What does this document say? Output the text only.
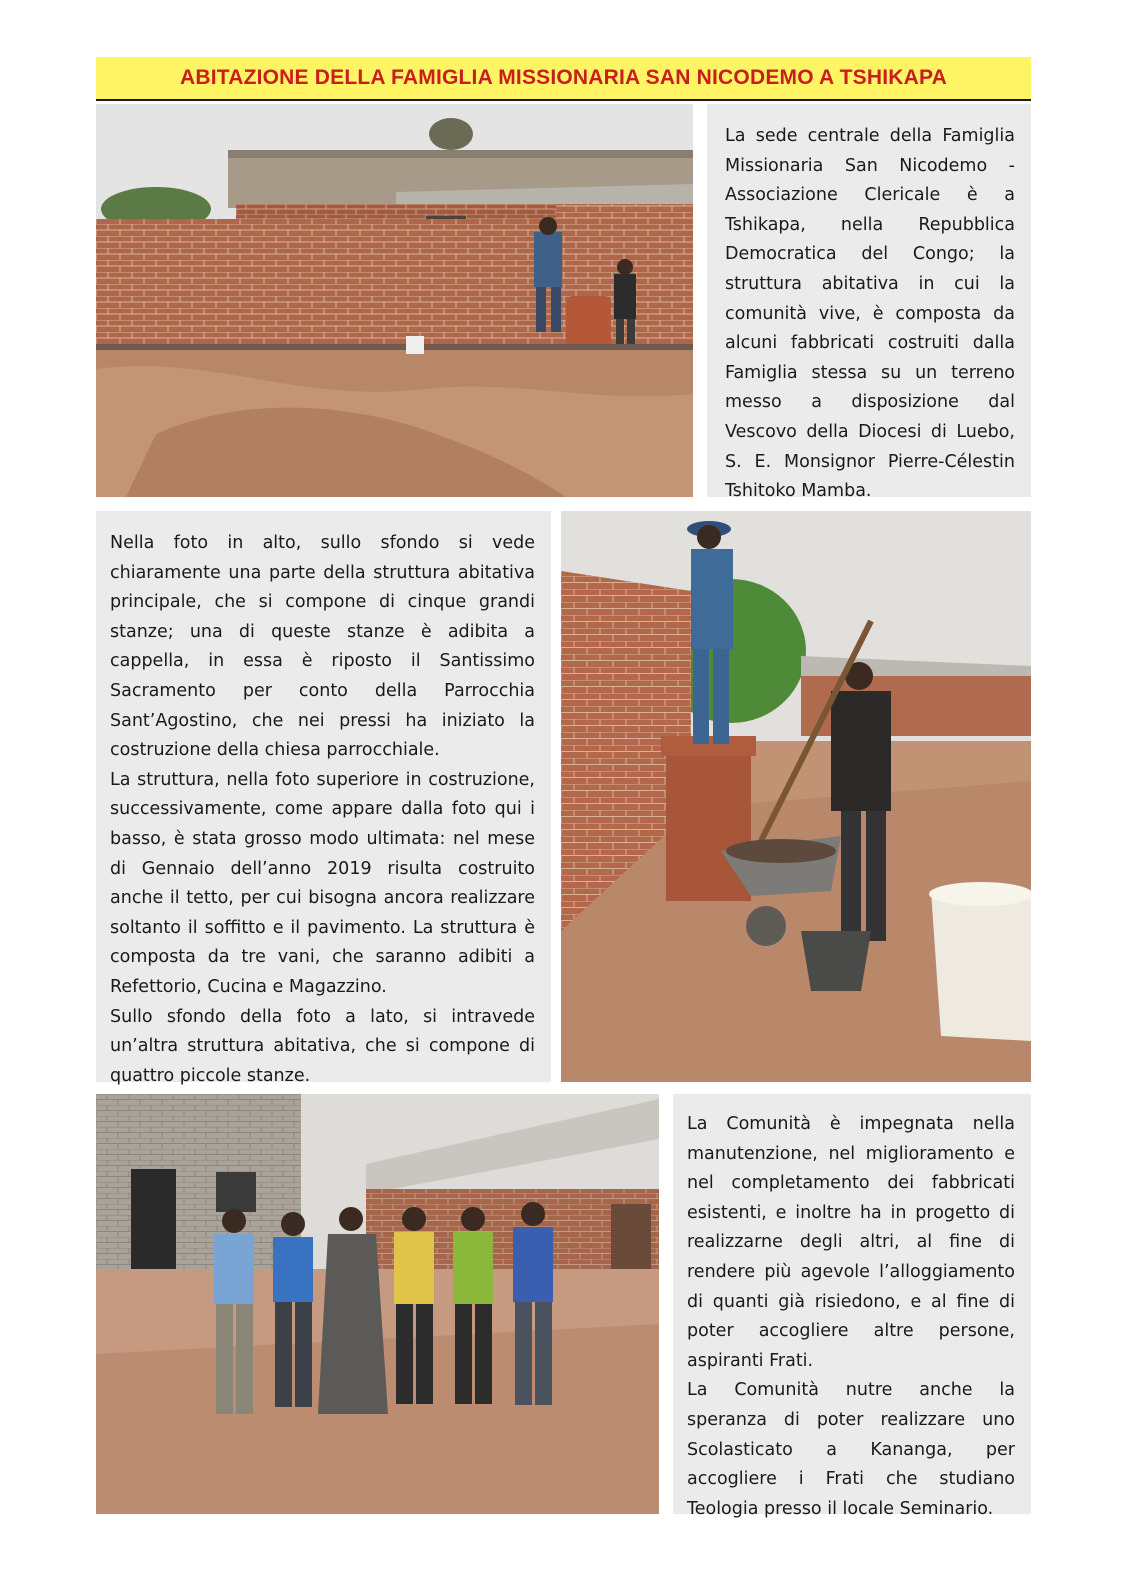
ABITAZIONE DELLA FAMIGLIA MISSIONARIA SAN NICODEMO A TSHIKAPA

La sede centrale della Famiglia Missionaria San Nicodemo - Associazione Clericale è a Tshikapa, nella Repubblica Democratica del Congo; la struttura abitativa in cui la comunità vive, è composta da alcuni fabbricati costruiti dalla Famiglia stessa su un terreno messo a disposizione dal Vescovo della Diocesi di Luebo, S. E. Monsignor Pierre-Célestin Tshitoko Mamba.

Nella foto in alto, sullo sfondo si vede chiaramente una parte della struttura abitativa principale, che si compone di cinque grandi stanze; una di queste stanze è adibita a cappella, in essa è riposto il Santissimo Sacramento per conto della Parrocchia Sant’Agostino, che nei pressi ha iniziato la costruzione della chiesa parrocchiale.

La struttura, nella foto superiore in costruzione, successivamente, come appare dalla foto qui i basso, è stata grosso modo ultimata: nel mese di Gennaio dell’anno 2019 risulta costruito anche il tetto, per cui bisogna ancora realizzare soltanto il soffitto e il pavimento. La struttura è composta da tre vani, che saranno adibiti a Refettorio, Cucina e Magazzino.

Sullo sfondo della foto a lato, si intravede un’altra struttura abitativa, che si compone di quattro piccole stanze.

La Comunità è impegnata nella manutenzione, nel miglioramento e nel completamento dei fabbricati esistenti, e inoltre ha in progetto di realizzarne degli altri, al fine di rendere più agevole l’alloggiamento di quanti già risiedono, e al fine di poter accogliere altre persone, aspiranti Frati.

La Comunità nutre anche la speranza di poter realizzare uno Scolasticato a Kananga, per accogliere i Frati che studiano Teologia presso il locale Seminario.
